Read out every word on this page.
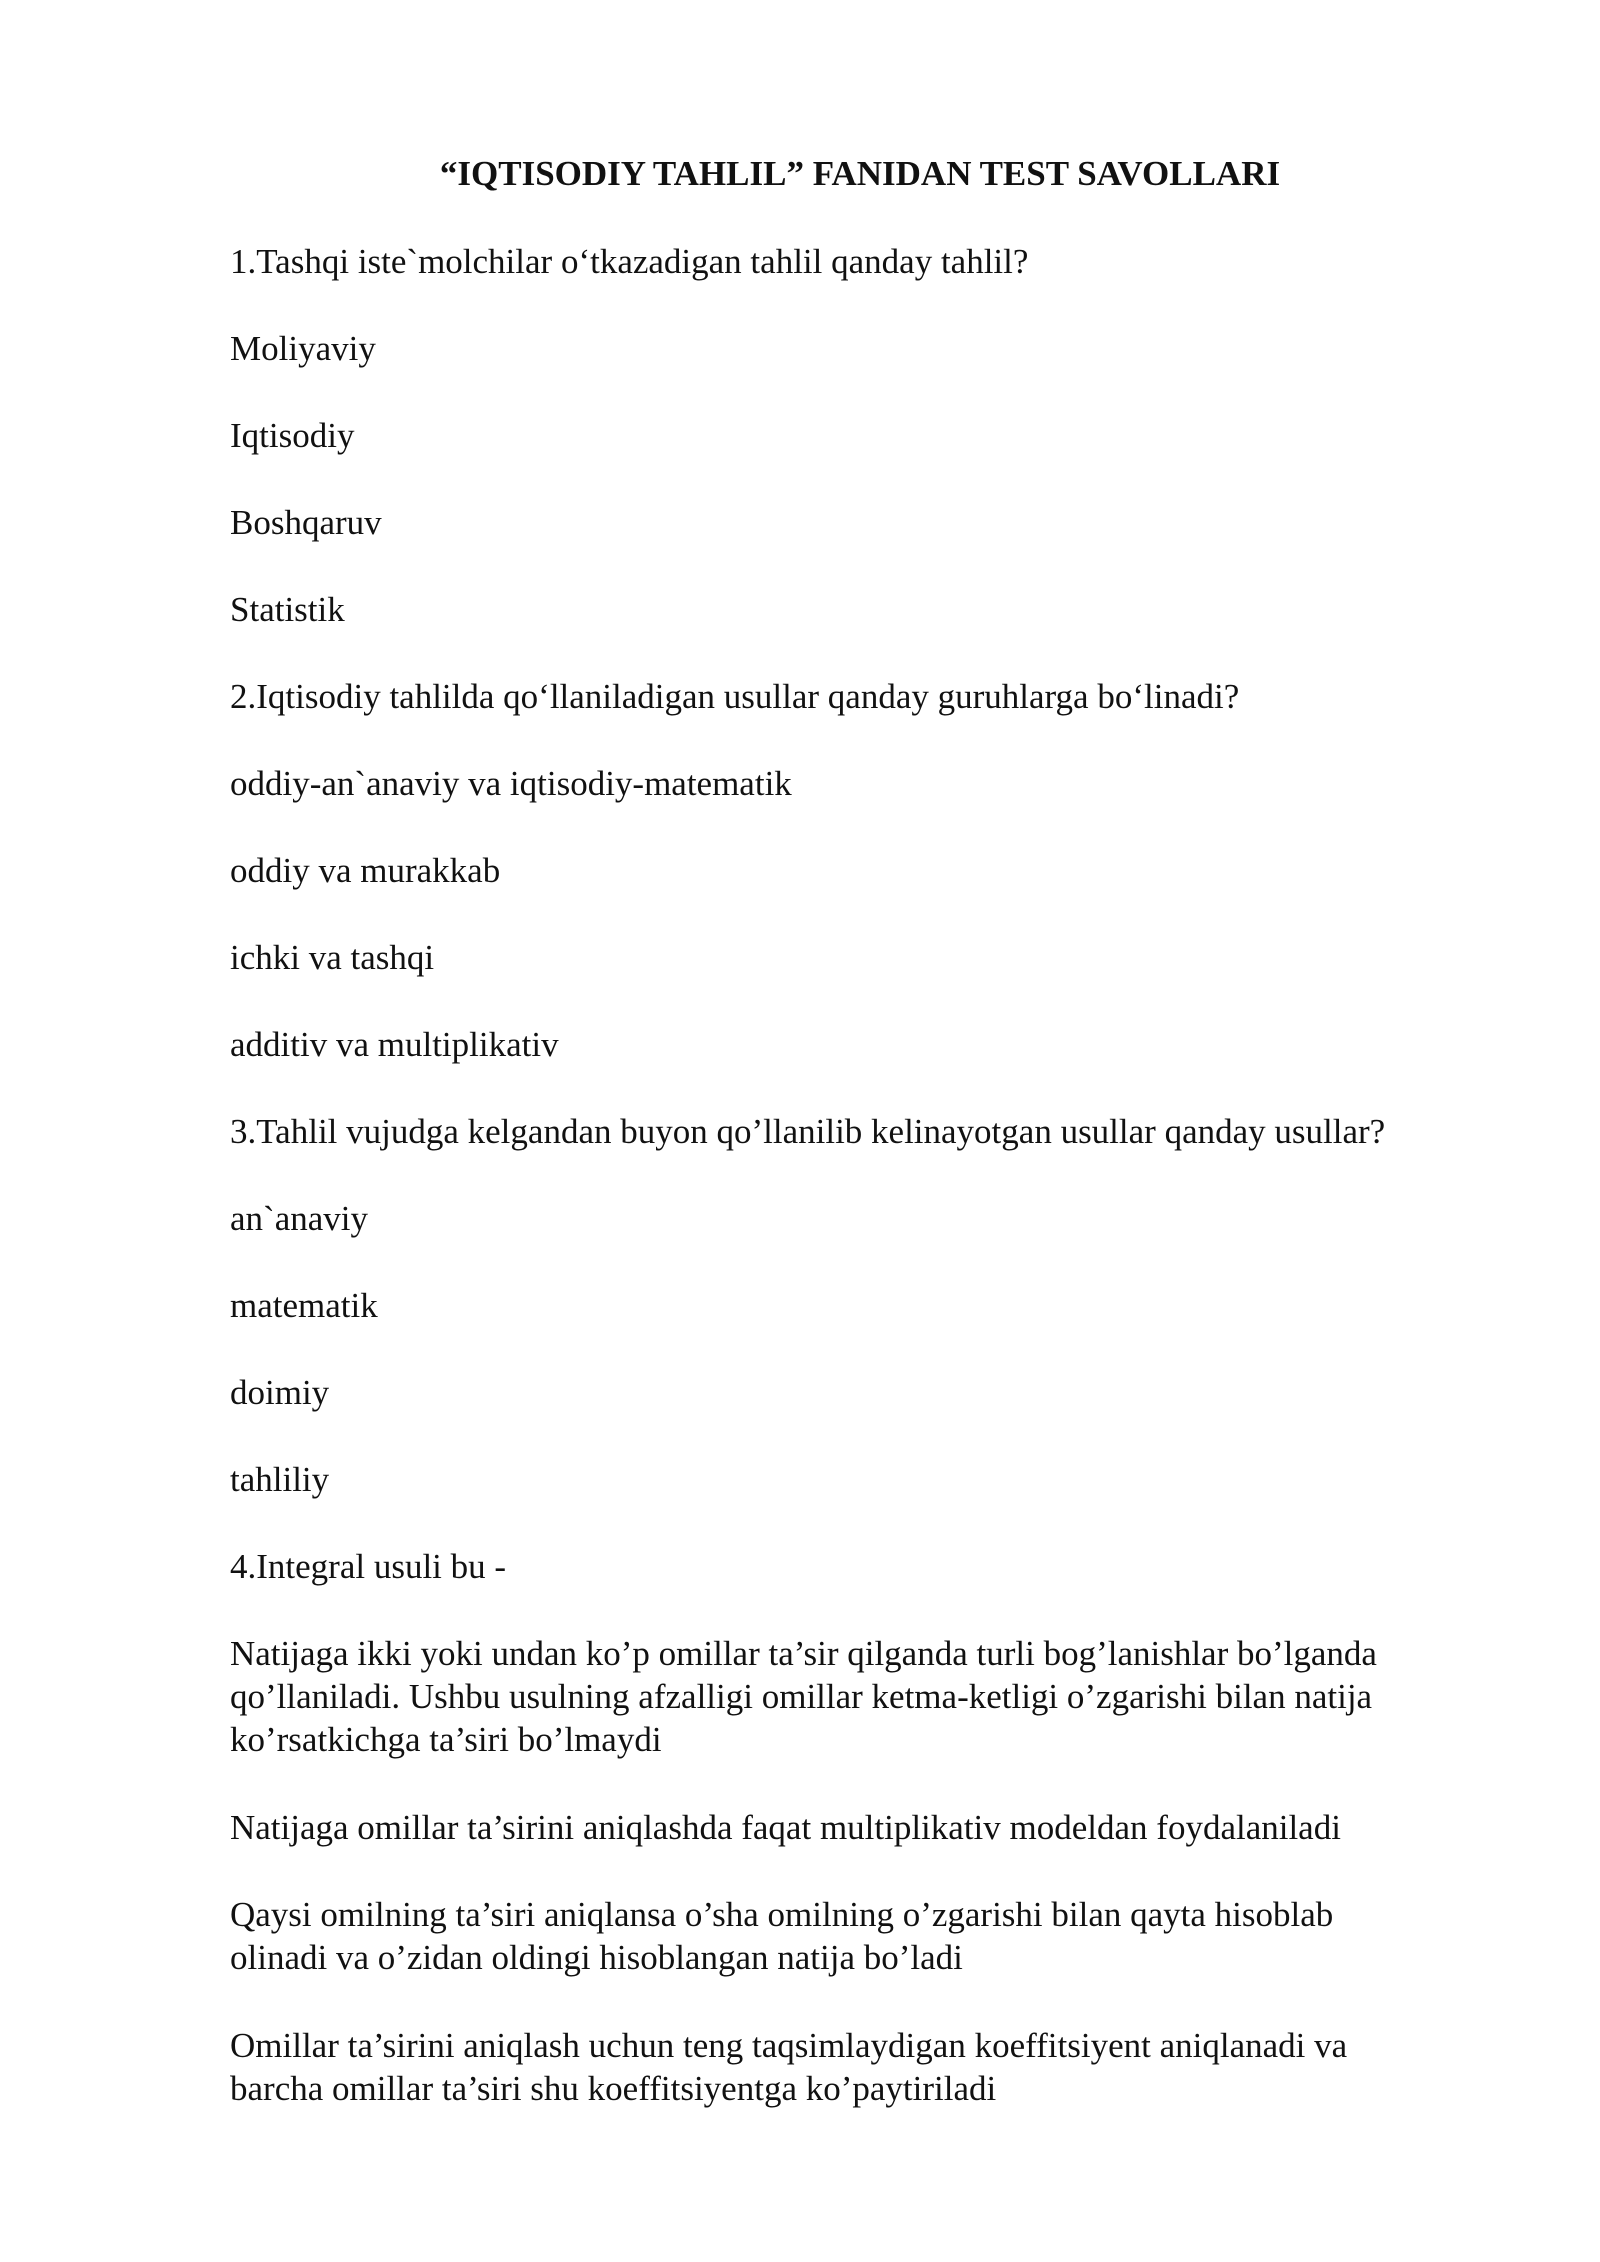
“IQTISODIY TAHLIL” FANIDAN TEST SAVOLLARI
1.Tashqi iste`molchilar o‘tkazadigan tahlil qanday tahlil?
Moliyaviy
Iqtisodiy
Boshqaruv
Statistik
2.Iqtisodiy tahlilda qo‘llaniladigan usullar qanday guruhlarga bo‘linadi?
oddiy-an`anaviy va iqtisodiy-matematik
oddiy va murakkab
ichki va tashqi
additiv va multiplikativ
3.Tahlil vujudga kelgandan buyon qo’llanilib kelinayotgan usullar qanday usullar?
an`anaviy
matematik
doimiy
tahliliy
4.Integral usuli bu -
Natijaga ikki yoki undan ko’p omillar ta’sir qilganda turli bog’lanishlar bo’lganda
qo’llaniladi. Ushbu usulning afzalligi omillar ketma-ketligi o’zgarishi bilan natija
ko’rsatkichga ta’siri bo’lmaydi
Natijaga omillar ta’sirini aniqlashda faqat multiplikativ modeldan foydalaniladi
Qaysi omilning ta’siri aniqlansa o’sha omilning o’zgarishi bilan qayta hisoblab
olinadi va o’zidan oldingi hisoblangan natija bo’ladi
Omillar ta’sirini aniqlash uchun teng taqsimlaydigan koeffitsiyent aniqlanadi va
barcha omillar ta’siri shu koeffitsiyentga ko’paytiriladi
